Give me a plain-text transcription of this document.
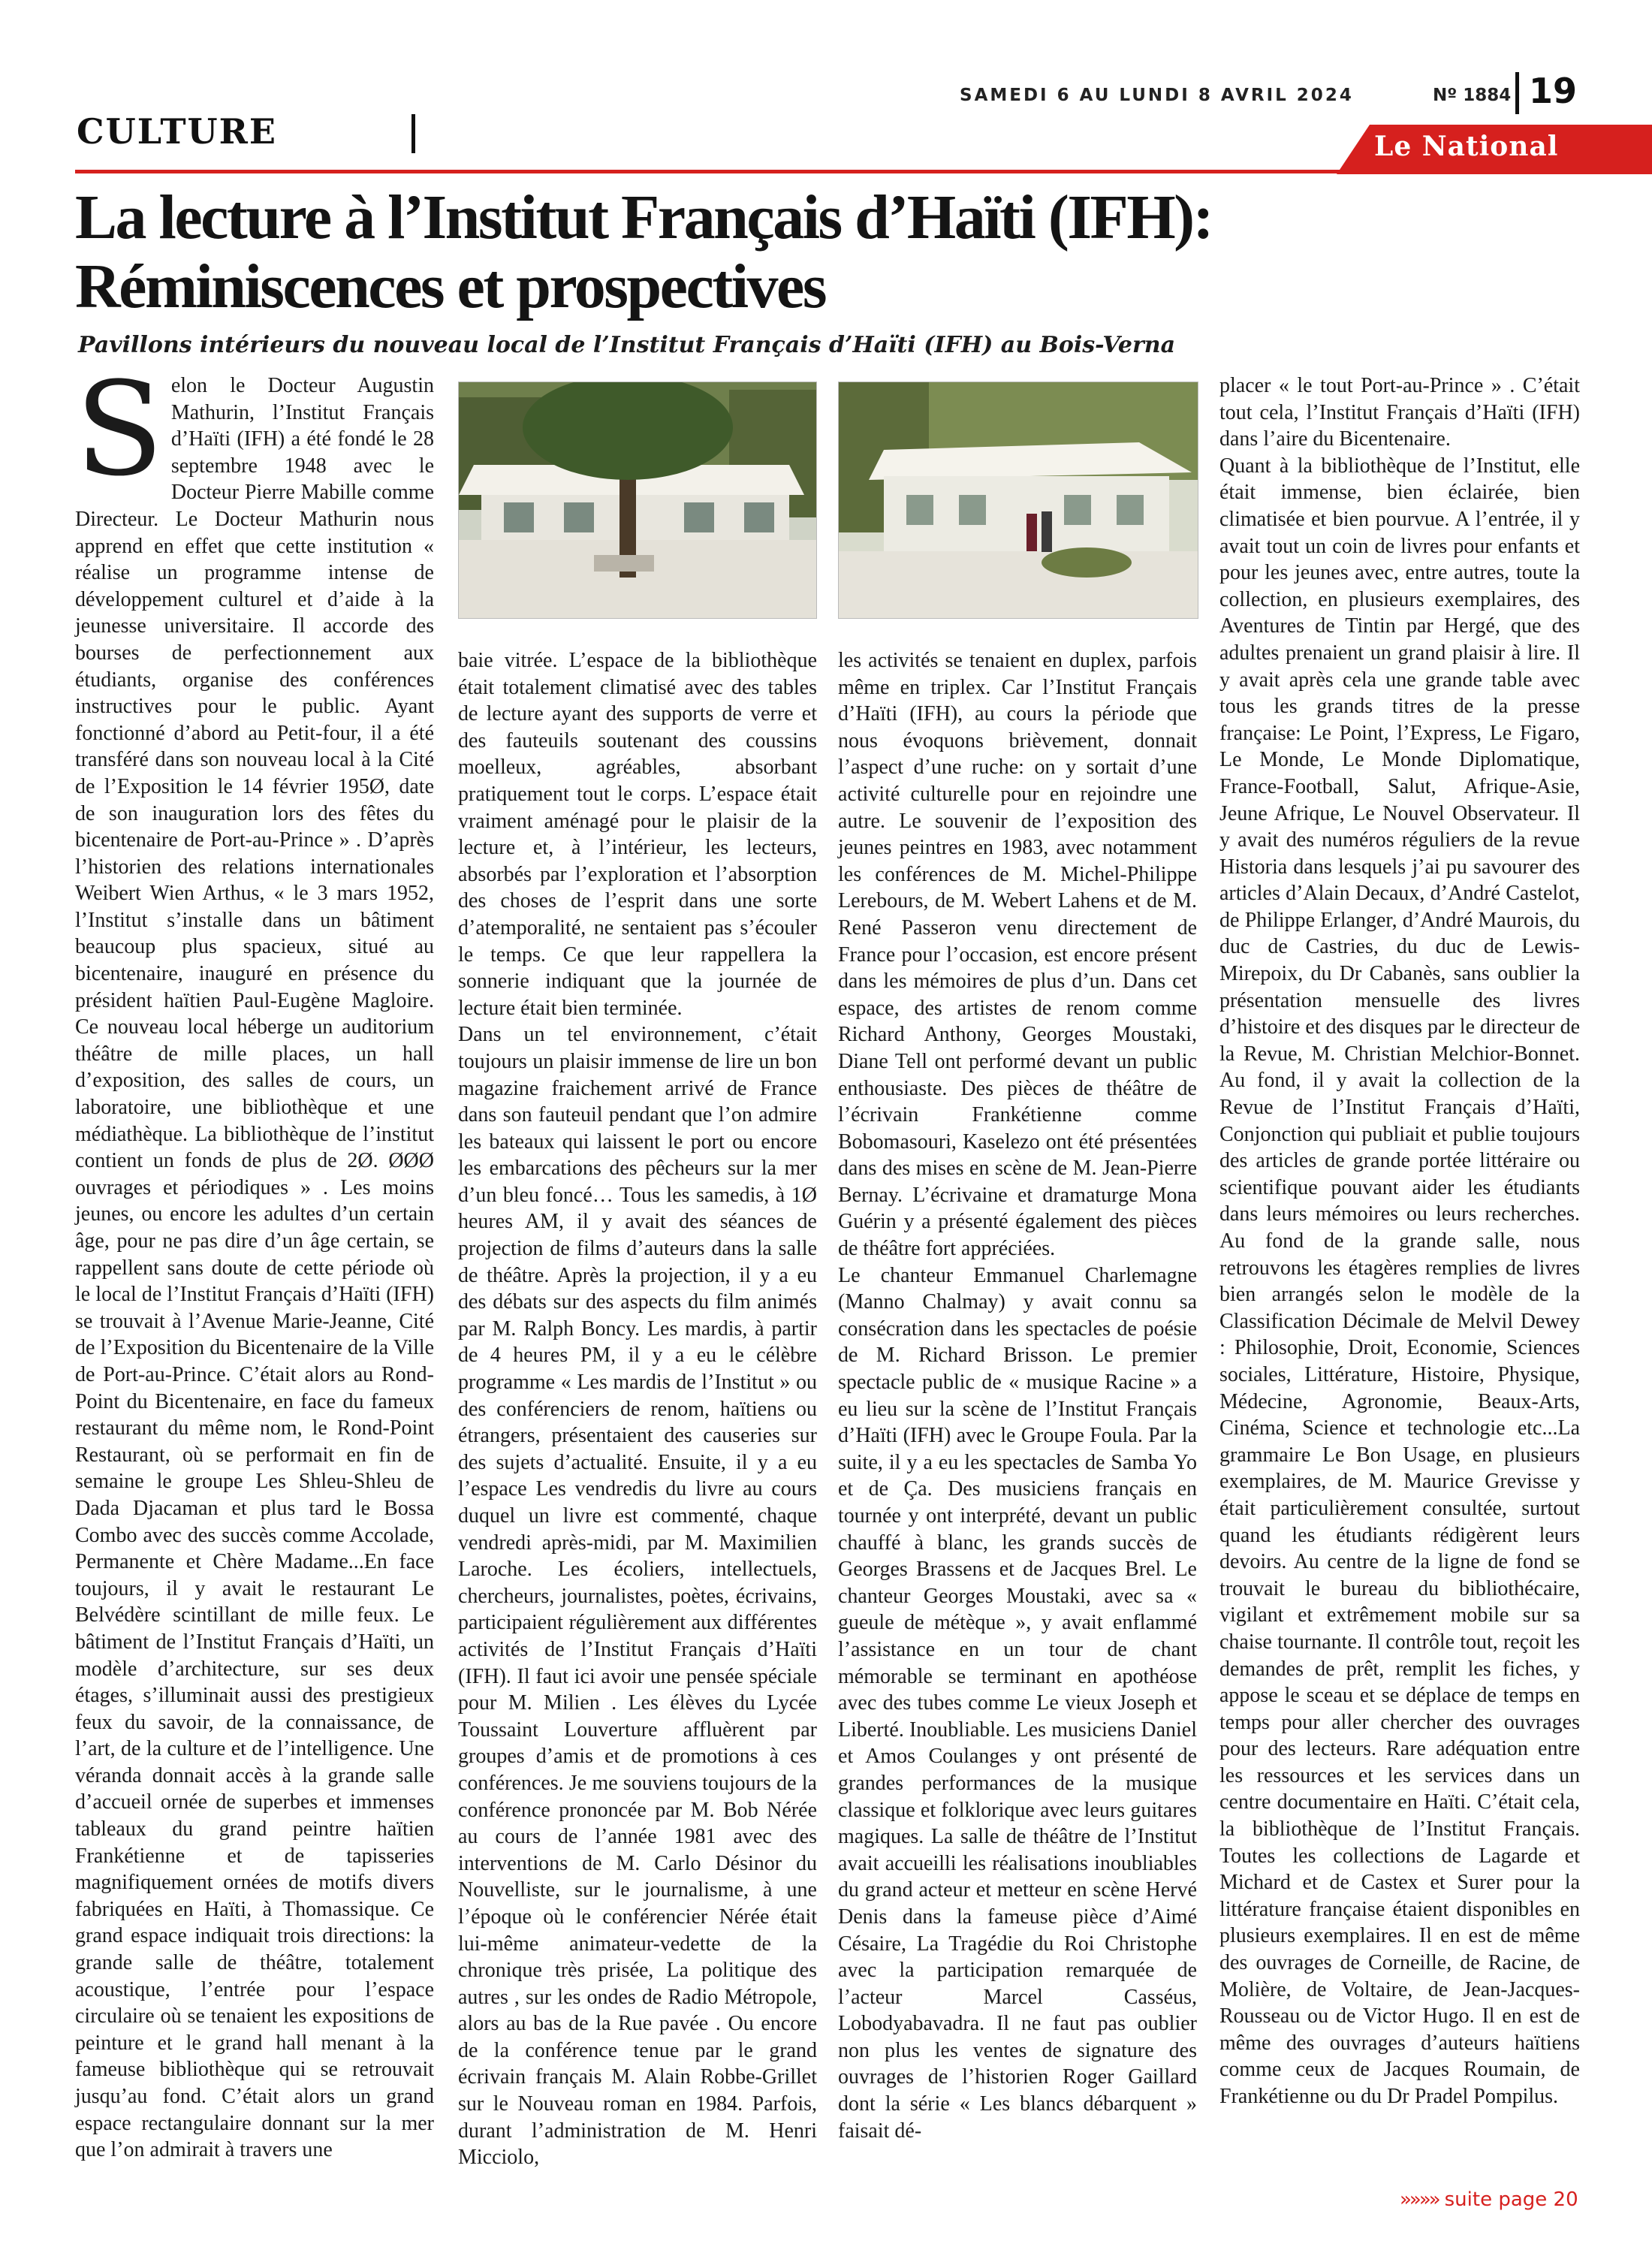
CULTURE
SAMEDI 6 AU LUNDI 8 AVRIL 2024	Nº 1884 19
Le National
La lecture à l’Institut Français d’Haïti (IFH): Réminiscences et prospectives
Pavillons intérieurs du nouveau local de l’Institut Français d’Haïti (IFH) au Bois-Verna
S elon le Docteur Augustin Mathurin, l’Institut Français d’Haïti (IFH) a été fondé le 28 septembre 1948 avec le Docteur Pierre Mabille comme Directeur. Le Docteur Mathurin nous apprend en effet que cette institution « réalise un programme intense de développement culturel et d’aide à la jeunesse universitaire. Il accorde des bourses de perfectionnement aux étudiants, organise des conférences instructives pour le public. Ayant fonctionné d’abord au Petit-four, il a été transféré dans son nouveau local à la Cité de l’Exposition le 14 février 195Ø, date de son inauguration lors des fêtes du bicentenaire de Port-au-Prince » . D’après l’historien des relations internationales Weibert Wien Arthus, « le 3 mars 1952, l’Institut s’installe dans un bâtiment beaucoup plus spacieux, situé au bicentenaire, inauguré en présence du président haïtien Paul-Eugène Magloire. Ce nouveau local héberge un auditorium théâtre de mille places, un hall d’exposition, des salles de cours, un laboratoire, une bibliothèque et une médiathèque. La bibliothèque de l’institut contient un fonds de plus de 2Ø. ØØØ ouvrages et périodiques » . Les moins jeunes, ou encore les adultes d’un certain âge, pour ne pas dire d’un âge certain, se rappellent sans doute de cette période où le local de l’Institut Français d’Haïti (IFH) se trouvait à l’Avenue Marie-Jeanne, Cité de l’Exposition du Bicentenaire de la Ville de Port-au-Prince. C’était alors au Rond-Point du Bicentenaire, en face du fameux restaurant du même nom, le Rond-Point Restaurant, où se performait en fin de semaine le groupe Les Shleu-Shleu de Dada Djacaman et plus tard le Bossa Combo avec des succès comme Accolade, Permanente et Chère Madame...En face toujours, il y avait le restaurant Le Belvédère scintillant de mille feux. Le bâtiment de l’Institut Français d’Haïti, un modèle d’architecture, sur ses deux étages, s’illuminait aussi des prestigieux feux du savoir, de la connaissance, de l’art, de la culture et de l’intelligence. Une véranda donnait accès à la grande salle d’accueil ornée de superbes et immenses tableaux du grand peintre haïtien Frankétienne et de tapisseries magnifiquement ornées de motifs divers fabriquées en Haïti, à Thomassique. Ce grand espace indiquait trois directions: la grande salle de théâtre, totalement acoustique, l’entrée pour l’espace circulaire où se tenaient les expositions de peinture et le grand hall menant à la fameuse bibliothèque qui se retrouvait jusqu’au fond. C’était alors un grand espace rectangulaire donnant sur la mer que l’on admirait à travers une

baie vitrée. L’espace de la bibliothèque était totalement climatisé avec des tables de lecture ayant des supports de verre et des fauteuils soutenant des coussins moelleux, agréables, absorbant pratiquement tout le corps. L’espace était vraiment aménagé pour le plaisir de la lecture et, à l’intérieur, les lecteurs, absorbés par l’exploration et l’absorption des choses de l’esprit dans une sorte d’atemporalité, ne sentaient pas s’écouler le temps. Ce que leur rappellera la sonnerie indiquant que la journée de lecture était bien terminée.

Dans un tel environnement, c’était toujours un plaisir immense de lire un bon magazine fraichement arrivé de France dans son fauteuil pendant que l’on admire les bateaux qui laissent le port ou encore les embarcations des pêcheurs sur la mer d’un bleu foncé… Tous les samedis, à 1Ø heures AM, il y avait des séances de projection de films d’auteurs dans la salle de théâtre. Après la projection, il y a eu des débats sur des aspects du film animés par M. Ralph Boncy. Les mardis, à partir de 4 heures PM, il y a eu le célèbre programme « Les mardis de l’Institut » ou des conférenciers de renom, haïtiens ou étrangers, présentaient des causeries sur des sujets d’actualité. Ensuite, il y a eu l’espace Les vendredis du livre au cours duquel un livre est commenté, chaque vendredi après-midi, par M. Maximilien Laroche. Les écoliers, intellectuels, chercheurs, journalistes, poètes, écrivains, participaient régulièrement aux différentes activités de l’Institut Français d’Haïti (IFH). Il faut ici avoir une pensée spéciale pour M. Milien . Les élèves du Lycée Toussaint Louverture affluèrent par groupes d’amis et de promotions à ces conférences. Je me souviens toujours de la conférence prononcée par M. Bob Nérée au cours de l’année 1981 avec des interventions de M. Carlo Désinor du Nouvelliste, sur le journalisme, à une l’époque où le conférencier Nérée était lui-même animateur-vedette de la chronique très prisée, La politique des autres , sur les ondes de Radio Métropole, alors au bas de la Rue pavée . Ou encore de la conférence tenue par le grand écrivain français M. Alain Robbe-Grillet sur le Nouveau roman en 1984. Parfois, durant l’administration de M. Henri Micciolo,

les activités se tenaient en duplex, parfois même en triplex. Car l’Institut Français d’Haïti (IFH), au cours la période que nous évoquons brièvement, donnait l’aspect d’une ruche: on y sortait d’une activité culturelle pour en rejoindre une autre. Le souvenir de l’exposition des jeunes peintres en 1983, avec notamment les conférences de M. Michel-Philippe Lerebours, de M. Webert Lahens et de M. René Passeron venu directement de France pour l’occasion, est encore présent dans les mémoires de plus d’un. Dans cet espace, des artistes de renom comme Richard Anthony, Georges Moustaki, Diane Tell ont performé devant un public enthousiaste. Des pièces de théâtre de l’écrivain Frankétienne comme Bobomasouri, Kaselezo ont été présentées dans des mises en scène de M. Jean-Pierre Bernay. L’écrivaine et dramaturge Mona Guérin y a présenté également des pièces de théâtre fort appréciées.

Le chanteur Emmanuel Charlemagne (Manno Chalmay) y avait connu sa consécration dans les spectacles de poésie de M. Richard Brisson. Le premier spectacle public de « musique Racine » a eu lieu sur la scène de l’Institut Français d’Haïti (IFH) avec le Groupe Foula. Par la suite, il y a eu les spectacles de Samba Yo et de Ça. Des musiciens français en tournée y ont interprété, devant un public chauffé à blanc, les grands succès de Georges Brassens et de Jacques Brel. Le chanteur Georges Moustaki, avec sa « gueule de métèque », y avait enflammé l’assistance en un tour de chant mémorable se terminant en apothéose avec des tubes comme Le vieux Joseph et Liberté. Inoubliable. Les musiciens Daniel et Amos Coulanges y ont présenté de grandes performances de la musique classique et folklorique avec leurs guitares magiques. La salle de théâtre de l’Institut avait accueilli les réalisations inoubliables du grand acteur et metteur en scène Hervé Denis dans la fameuse pièce d’Aimé Césaire, La Tragédie du Roi Christophe avec la participation remarquée de l’acteur Marcel Casséus, Lobodyabavadra. Il ne faut pas oublier non plus les ventes de signature des ouvrages de l’historien Roger Gaillard dont la série « Les blancs débarquent » faisait dé-

placer « le tout Port-au-Prince » . C’était tout cela, l’Institut Français d’Haïti (IFH) dans l’aire du Bicentenaire.

Quant à la bibliothèque de l’Institut, elle était immense, bien éclairée, bien climatisée et bien pourvue. A l’entrée, il y avait tout un coin de livres pour enfants et pour les jeunes avec, entre autres, toute la collection, en plusieurs exemplaires, des Aventures de Tintin par Hergé, que des adultes prenaient un grand plaisir à lire. Il y avait après cela une grande table avec tous les grands titres de la presse française: Le Point, l’Express, Le Figaro, Le Monde, Le Monde Diplomatique, France-Football, Salut, Afrique-Asie, Jeune Afrique, Le Nouvel Observateur. Il y avait des numéros réguliers de la revue Historia dans lesquels j’ai pu savourer des articles d’Alain Decaux, d’André Castelot, de Philippe Erlanger, d’André Maurois, du duc de Castries, du duc de Lewis-Mirepoix, du Dr Cabanès, sans oublier la présentation mensuelle des livres d’histoire et des disques par le directeur de la Revue, M. Christian Melchior-Bonnet. Au fond, il y avait la collection de la Revue de l’Institut Français d’Haïti, Conjonction qui publiait et publie toujours des articles de grande portée littéraire ou scientifique pouvant aider les étudiants dans leurs mémoires ou leurs recherches. Au fond de la grande salle, nous retrouvons les étagères remplies de livres bien arrangés selon le modèle de la Classification Décimale de Melvil Dewey : Philosophie, Droit, Economie, Sciences sociales, Littérature, Histoire, Physique, Médecine, Agronomie, Beaux-Arts, Cinéma, Science et technologie etc...La grammaire Le Bon Usage, en plusieurs exemplaires, de M. Maurice Grevisse y était particulièrement consultée, surtout quand les étudiants rédigèrent leurs devoirs. Au centre de la ligne de fond se trouvait le bureau du bibliothécaire, vigilant et extrêmement mobile sur sa chaise tournante. Il contrôle tout, reçoit les demandes de prêt, remplit les fiches, y appose le sceau et se déplace de temps en temps pour aller chercher des ouvrages pour des lecteurs. Rare adéquation entre les ressources et les services dans un centre documentaire en Haïti. C’était cela, la bibliothèque de l’Institut Français. Toutes les collections de Lagarde et Michard et de Castex et Surer pour la littérature française étaient disponibles en plusieurs exemplaires. Il en est de même des ouvrages de Corneille, de Racine, de Molière, de Voltaire, de Jean-Jacques-Rousseau ou de Victor Hugo. Il en est de même des ouvrages d’auteurs haïtiens comme ceux de Jacques Roumain, de Frankétienne ou du Dr Pradel Pompilus.

»»»» suite page 20
